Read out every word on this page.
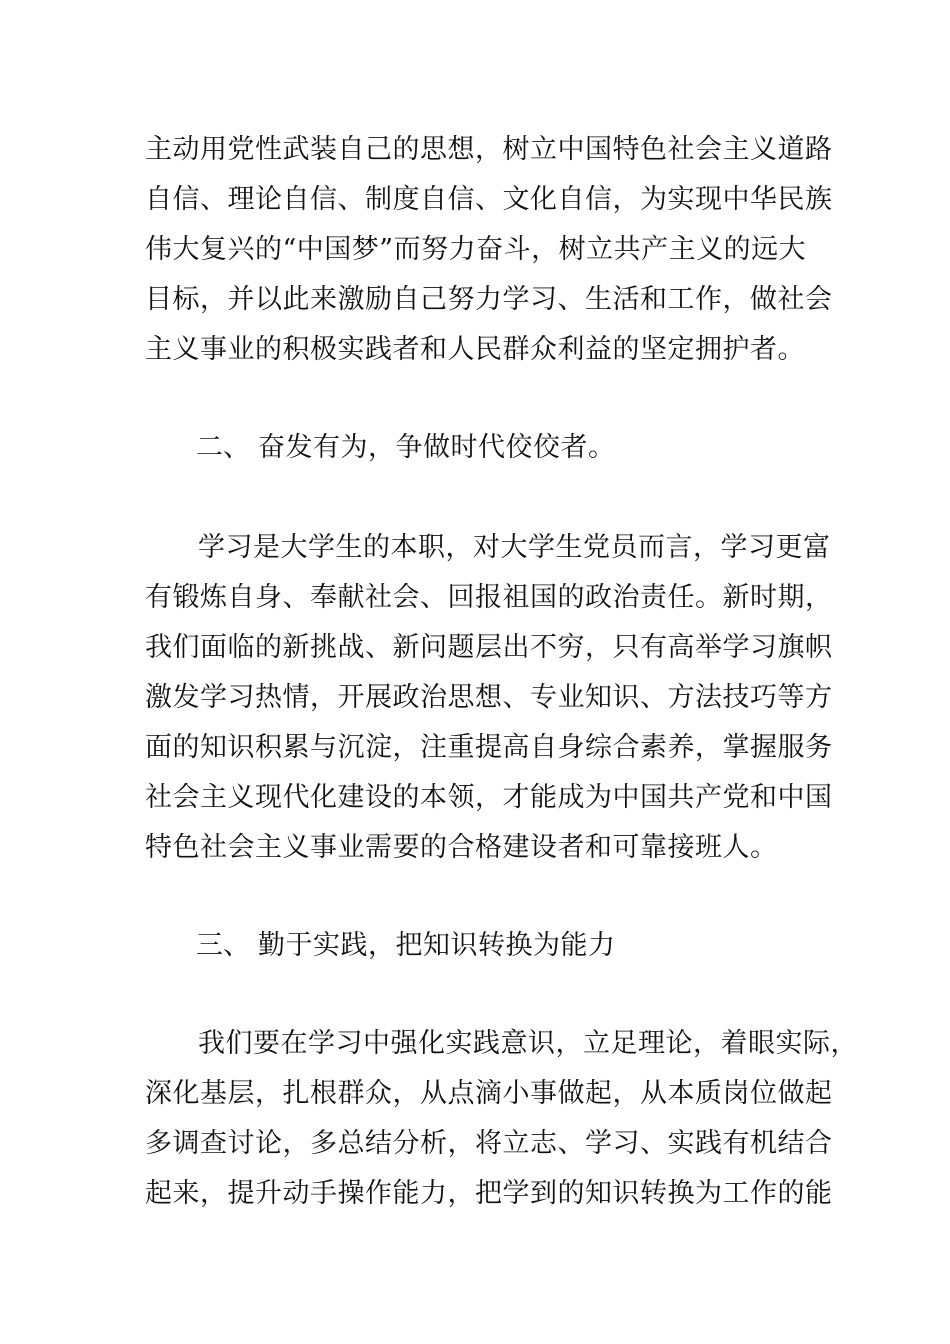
主动用党性武装自己的思想，树立中国特色社会主义道路
自信、理论自信、制度自信、文化自信，为实现中华民族
伟大复兴的“中国梦”而努力奋斗，树立共产主义的远大
目标，并以此来激励自己努力学习、生活和工作，做社会
主义事业的积极实践者和人民群众利益的坚定拥护者。
二、 奋发有为，争做时代佼佼者。
学习是大学生的本职，对大学生党员而言，学习更富
有锻炼自身、奉献社会、回报祖国的政治责任。新时期，
我们面临的新挑战、新问题层出不穷，只有高举学习旗帜
激发学习热情，开展政治思想、专业知识、方法技巧等方
面的知识积累与沉淀，注重提高自身综合素养，掌握服务
社会主义现代化建设的本领，才能成为中国共产党和中国
特色社会主义事业需要的合格建设者和可靠接班人。
三、 勤于实践，把知识转换为能力
我们要在学习中强化实践意识，立足理论，着眼实际，
深化基层，扎根群众，从点滴小事做起，从本质岗位做起
多调查讨论，多总结分析，将立志、学习、实践有机结合
起来，提升动手操作能力，把学到的知识转换为工作的能
